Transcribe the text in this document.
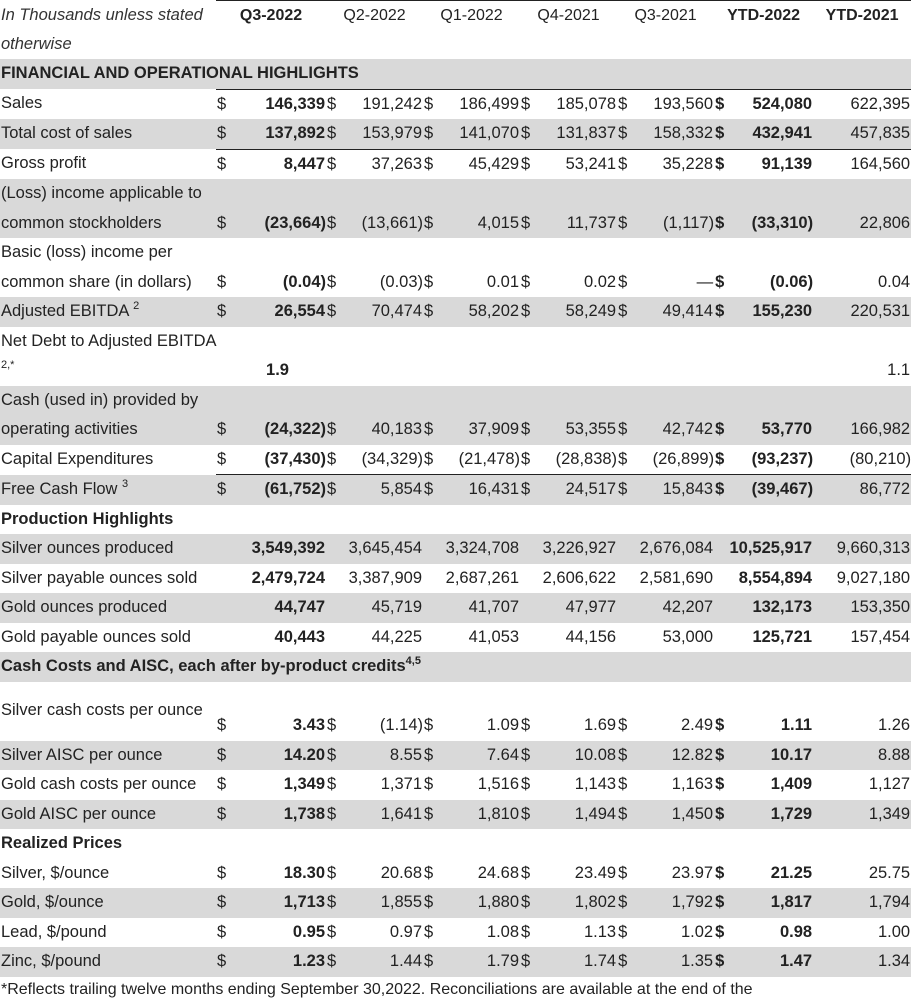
In Thousands unless stated otherwise	Q3-2022		Q2-2022		Q1-2022		Q4-2021		Q3-2021		YTD-2022		YTD-2021	
FINANCIAL AND OPERATIONAL HIGHLIGHTS														
Sales	$	146,339	$	191,242	$	186,499	$	185,078	$	193,560	$	524,080		622,395
Total cost of sales	$	137,892	$	153,979	$	141,070	$	131,837	$	158,332	$	432,941		457,835
Gross profit	$	8,447	$	37,263	$	45,429	$	53,241	$	35,228	$	91,139		164,560
(Loss) income applicable to common stockholders	$	(23,664)	$	(13,661)	$	4,015	$	11,737	$	(1,117)	$	(33,310)		22,806
Basic (loss) income per common share (in dollars)	$	(0.04)	$	(0.03)	$	0.01	$	0.02	$	—	$	(0.06)		0.04
Adjusted EBITDA $^2$	$	26,554	$	70,474	$	58,202	$	58,249	$	49,414	$	155,230		220,531
Net Debt to Adjusted EBITDA $^{2,*}$		1.9												1.1
Cash (used in) provided by operating activities	$	(24,322)	$	40,183	$	37,909	$	53,355	$	42,742	$	53,770		166,982
Capital Expenditures	$	(37,430)	$	(34,329)	$	(21,478)	$	(28,838)	$	(26,899)	$	(93,237)		(80,210)
Free Cash Flow $^3$	$	(61,752)	$	5,854	$	16,431	$	24,517	$	15,843	$	(39,467)		86,772
Production Highlights														
Silver ounces produced		3,549,392		3,645,454		3,324,708		3,226,927		2,676,084		10,525,917		9,660,313
Silver payable ounces sold		2,479,724		3,387,909		2,687,261		2,606,622		2,581,690		8,554,894		9,027,180
Gold ounces produced		44,747		45,719		41,707		47,977		42,207		132,173		153,350
Gold payable ounces sold		40,443		44,225		41,053		44,156		53,000		125,721		157,454
Cash Costs and AISC, each after by-product credits$^{4,5}$
Silver cash costs per ounce	$	3.43	$	(1.14)	$	1.09	$	1.69	$	2.49	$	1.11		1.26
Silver AISC per ounce	$	14.20	$	8.55	$	7.64	$	10.08	$	12.82	$	10.17		8.88
Gold cash costs per ounce	$	1,349	$	1,371	$	1,516	$	1,143	$	1,163	$	1,409		1,127
Gold AISC per ounce	$	1,738	$	1,641	$	1,810	$	1,494	$	1,450	$	1,729		1,349
Realized Prices														
Silver, $/ounce	$	18.30	$	20.68	$	24.68	$	23.49	$	23.97	$	21.25		25.75
Gold, $/ounce	$	1,713	$	1,855	$	1,880	$	1,802	$	1,792	$	1,817		1,794
Lead, $/pound	$	0.95	$	0.97	$	1.08	$	1.13	$	1.02	$	0.98		1.00
Zinc, $/pound	$	1.23	$	1.44	$	1.79	$	1.74	$	1.35	$	1.47		1.34
*Reflects trailing twelve months ending September 30,2022. Reconciliations are available at the end of the
